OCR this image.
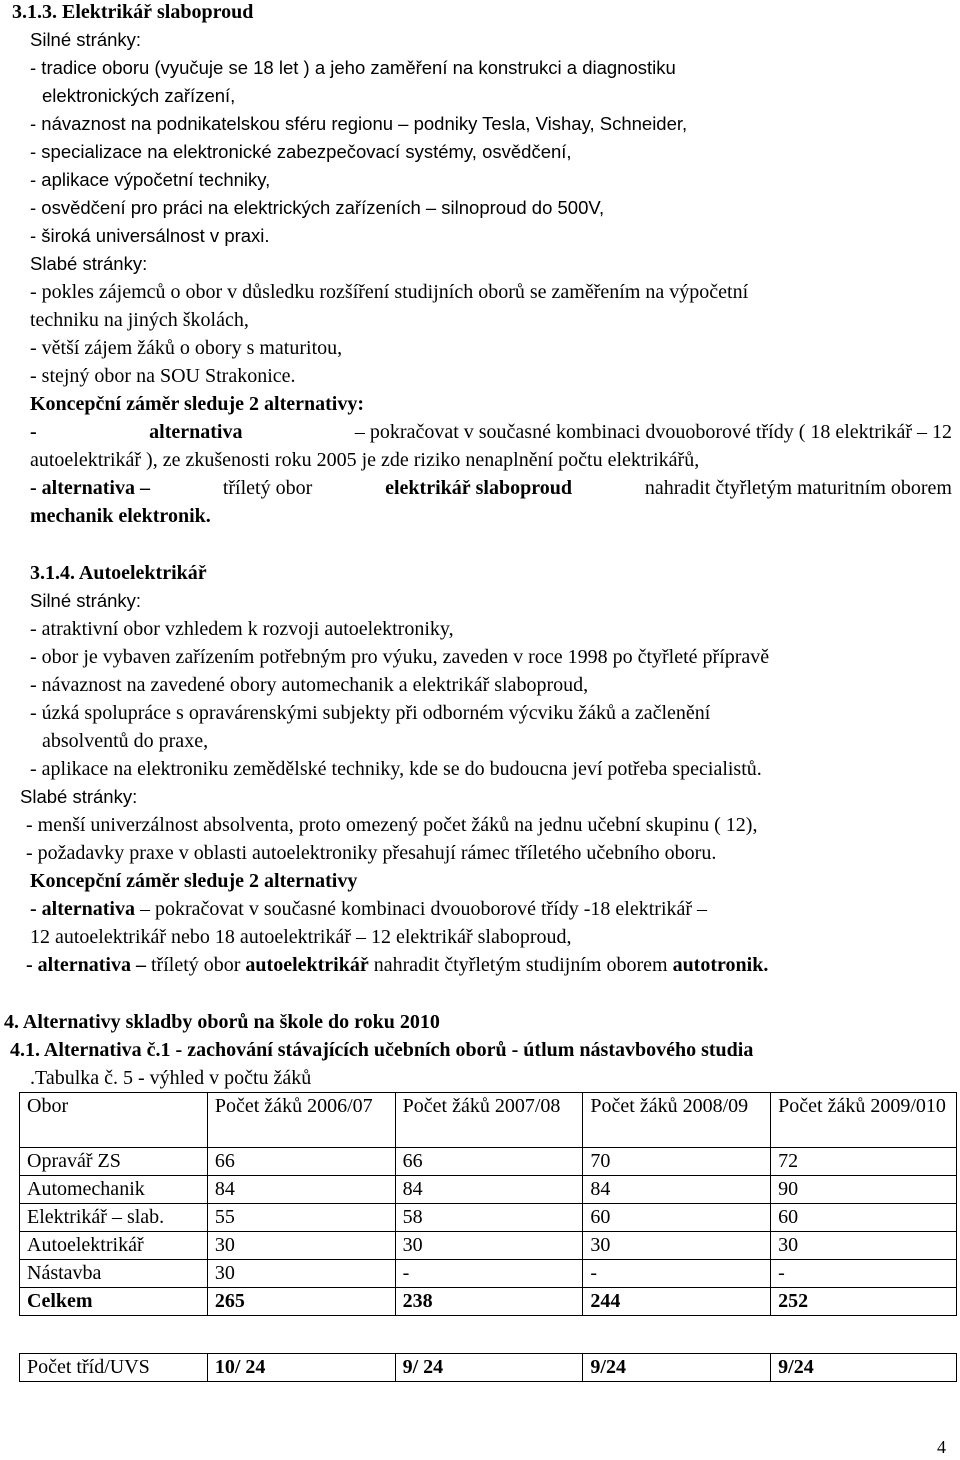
3.1.3. Elektrikář slaboproud
Silné stránky:
- tradice oboru (vyučuje se 18 let ) a jeho zaměření na konstrukci a diagnostiku
elektronických zařízení,
- návaznost na podnikatelskou sféru regionu – podniky Tesla, Vishay, Schneider,
- specializace na elektronické zabezpečovací systémy, osvědčení,
- aplikace výpočetní techniky,
- osvědčení pro práci na elektrických zařízeních – silnoproud do 500V,
- široká universálnost v praxi.
Slabé stránky:
- pokles zájemců o obor v důsledku rozšíření studijních oborů se zaměřením na výpočetní
techniku na jiných školách,
- větší zájem žáků o obory s maturitou,
- stejný obor na SOU Strakonice.
Koncepční záměr sleduje 2 alternativy:
-	alternativa	– pokračovat v současné kombinaci dvouoborové třídy ( 18 elektrikář – 12
autoelektrikář ), ze zkušenosti roku 2005 je zde riziko nenaplnění počtu elektrikářů,
- alternativa –	tříletý obor	elektrikář slaboproud	nahradit čtyřletým maturitním oborem
mechanik elektronik.
3.1.4. Autoelektrikář
Silné stránky:
- atraktivní obor vzhledem k rozvoji autoelektroniky,
- obor je vybaven zařízením potřebným pro výuku, zaveden v roce 1998 po čtyřleté přípravě
- návaznost na zavedené obory automechanik a elektrikář slaboproud,
- úzká spolupráce s opravárenskými subjekty při odborném výcviku žáků a začlenění
absolventů do praxe,
- aplikace na elektroniku zemědělské techniky, kde se do budoucna jeví potřeba specialistů.
Slabé stránky:
- menší univerzálnost absolventa, proto omezený počet žáků na jednu učební skupinu ( 12),
- požadavky praxe v oblasti autoelektroniky přesahují rámec tříletého učebního oboru.
Koncepční záměr sleduje 2 alternativy
- alternativa – pokračovat v současné kombinaci dvouoborové třídy -18 elektrikář –
12 autoelektrikář nebo 18 autoelektrikář – 12 elektrikář slaboproud,
- alternativa – tříletý obor autoelektrikář nahradit čtyřletým studijním oborem autotronik.
4. Alternativy skladby oborů na škole do roku 2010
4.1. Alternativa č.1 - zachování stávajících učebních oborů - útlum nástavbového studia
.Tabulka č. 5 - výhled v počtu žáků
Obor	Počet žáků 2006/07	Počet žáků 2007/08	Počet žáků 2008/09	Počet žáků 2009/010
Opravář ZS	66	66	70	72
Automechanik	84	84	84	90
Elektrikář – slab.	55	58	60	60
Autoelektrikář	30	30	30	30
Nástavba	30	-	-	-
Celkem	265	238	244	252
Počet tříd/UVS	10/ 24	9/ 24	9/24	9/24
4
